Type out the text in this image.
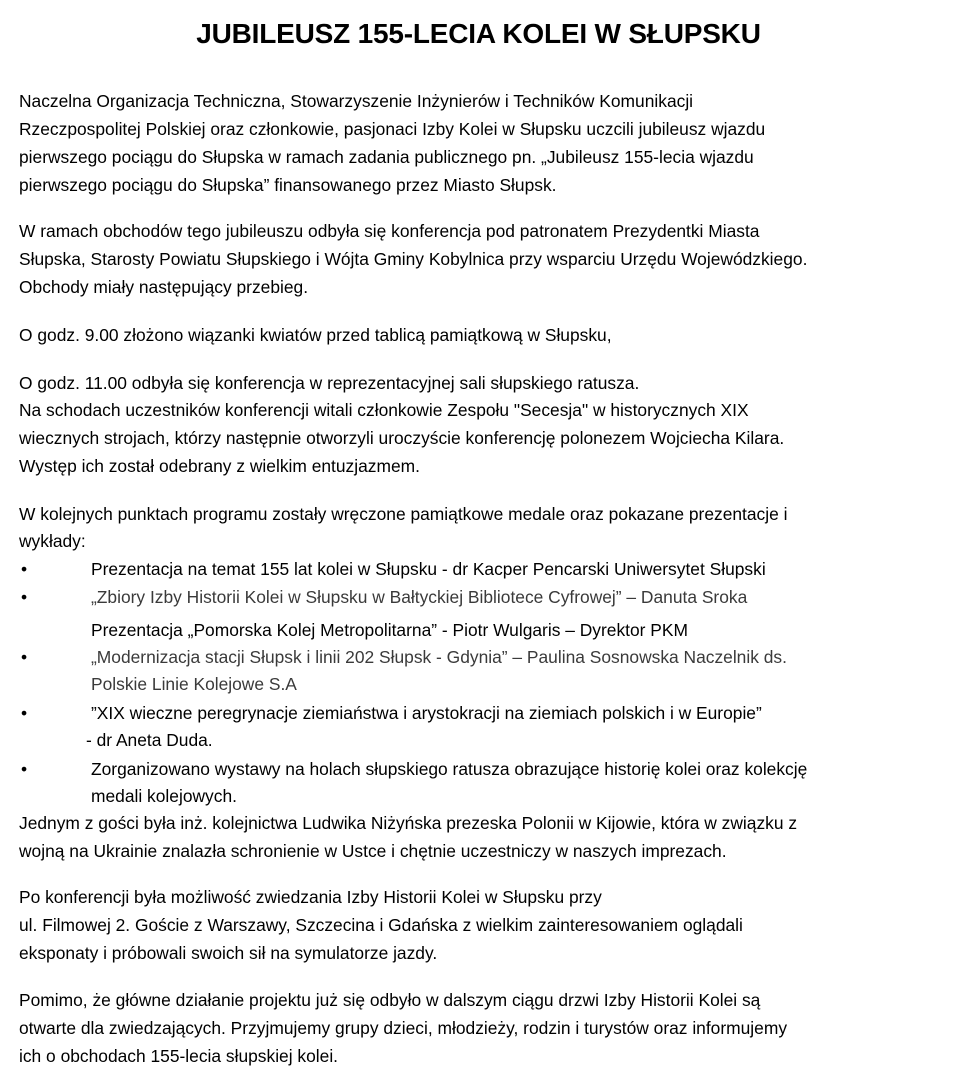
JUBILEUSZ 155-LECIA KOLEI W SŁUPSKU
Naczelna Organizacja Techniczna, Stowarzyszenie Inżynierów i Techników Komunikacji
Rzeczpospolitej Polskiej oraz członkowie, pasjonaci Izby Kolei w Słupsku uczcili jubileusz wjazdu
pierwszego pociągu do Słupska w ramach zadania publicznego pn. „Jubileusz 155-lecia wjazdu
pierwszego pociągu do Słupska” finansowanego przez Miasto Słupsk.
W ramach obchodów tego jubileuszu odbyła się konferencja pod patronatem Prezydentki Miasta
Słupska, Starosty Powiatu Słupskiego i Wójta Gminy Kobylnica przy wsparciu Urzędu Wojewódzkiego.
Obchody miały następujący przebieg.
O godz. 9.00 złożono wiązanki kwiatów przed tablicą pamiątkową w Słupsku,
O godz. 11.00 odbyła się konferencja w reprezentacyjnej sali słupskiego ratusza.
Na schodach uczestników konferencji witali członkowie Zespołu "Secesja" w historycznych XIX
wiecznych strojach, którzy następnie otworzyli uroczyście konferencję polonezem Wojciecha Kilara.
Występ ich został odebrany z wielkim entuzjazmem.
W kolejnych punktach programu zostały wręczone pamiątkowe medale oraz pokazane prezentacje i
wykłady:
•	Prezentacja na temat 155 lat kolei w Słupsku - dr Kacper Pencarski Uniwersytet Słupski
•	„Zbiory Izby Historii Kolei w Słupsku w Bałtyckiej Bibliotece Cyfrowej” – Danuta Sroka
Prezentacja „Pomorska Kolej Metropolitarna” - Piotr Wulgaris – Dyrektor PKM
•	„Modernizacja stacji Słupsk i linii 202 Słupsk - Gdynia” – Paulina Sosnowska Naczelnik ds.
Polskie Linie Kolejowe S.A
•	”XIX wieczne peregrynacje ziemiaństwa i arystokracji na ziemiach polskich i w Europie”
- dr Aneta Duda.
•	Zorganizowano wystawy na holach słupskiego ratusza obrazujące historię kolei oraz kolekcję
medali kolejowych.
Jednym z gości była inż. kolejnictwa Ludwika Niżyńska prezeska Polonii w Kijowie, która w związku z
wojną na Ukrainie znalazła schronienie w Ustce i chętnie uczestniczy w naszych imprezach.
Po konferencji była możliwość zwiedzania Izby Historii Kolei w Słupsku przy
ul. Filmowej 2. Goście z Warszawy, Szczecina i Gdańska z wielkim zainteresowaniem oglądali
eksponaty i próbowali swoich sił na symulatorze jazdy.
Pomimo, że główne działanie projektu już się odbyło w dalszym ciągu drzwi Izby Historii Kolei są
otwarte dla zwiedzających. Przyjmujemy grupy dzieci, młodzieży, rodzin i turystów oraz informujemy
ich o obchodach 155-lecia słupskiej kolei.
